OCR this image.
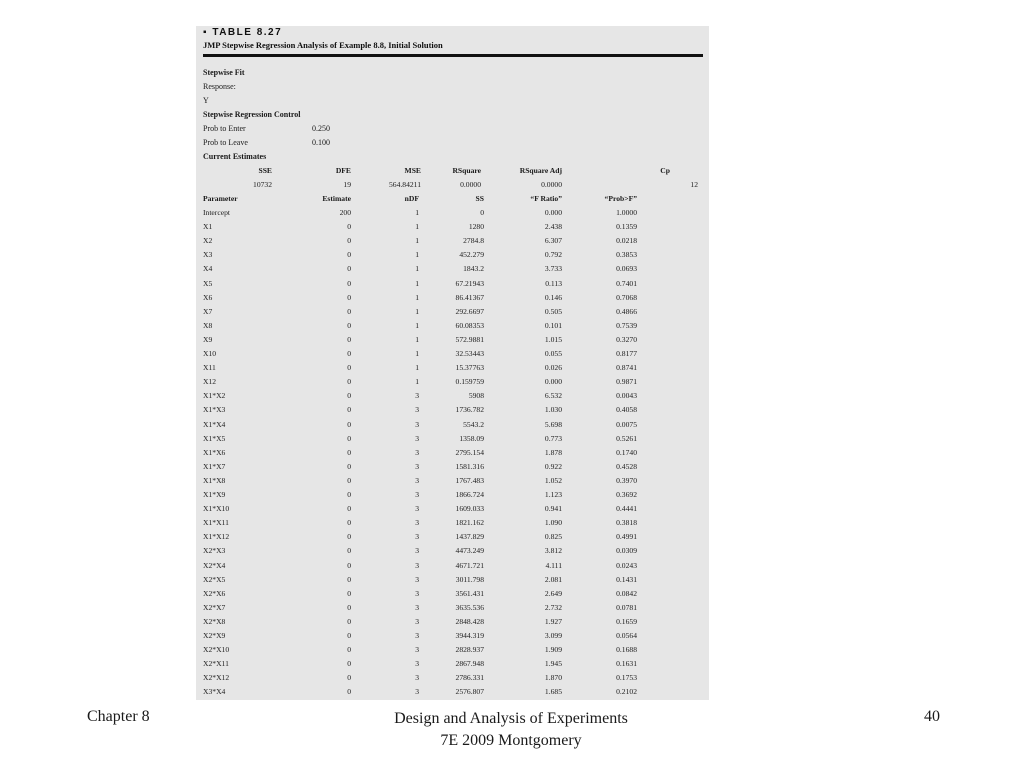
▪ TABLE 8.27
JMP Stepwise Regression Analysis of Example 8.8, Initial Solution
Stepwise Fit
Response:
Y
Stepwise Regression Control
Prob to Enter	0.250
Prob to Leave	0.100
Current Estimates
SSE	DFE	MSE	RSquare	RSquare Adj	Cp
10732	19	564.84211	0.0000	0.0000	12
Parameter	Estimate	nDF	SS	“F Ratio”	“Prob>F”
Intercept	200	1	0	0.000	1.0000
X1	0	1	1280	2.438	0.1359
X2	0	1	2784.8	6.307	0.0218
X3	0	1	452.279	0.792	0.3853
X4	0	1	1843.2	3.733	0.0693
X5	0	1	67.21943	0.113	0.7401
X6	0	1	86.41367	0.146	0.7068
X7	0	1	292.6697	0.505	0.4866
X8	0	1	60.08353	0.101	0.7539
X9	0	1	572.9881	1.015	0.3270
X10	0	1	32.53443	0.055	0.8177
X11	0	1	15.37763	0.026	0.8741
X12	0	1	0.159759	0.000	0.9871
X1*X2	0	3	5908	6.532	0.0043
X1*X3	0	3	1736.782	1.030	0.4058
X1*X4	0	3	5543.2	5.698	0.0075
X1*X5	0	3	1358.09	0.773	0.5261
X1*X6	0	3	2795.154	1.878	0.1740
X1*X7	0	3	1581.316	0.922	0.4528
X1*X8	0	3	1767.483	1.052	0.3970
X1*X9	0	3	1866.724	1.123	0.3692
X1*X10	0	3	1609.033	0.941	0.4441
X1*X11	0	3	1821.162	1.090	0.3818
X1*X12	0	3	1437.829	0.825	0.4991
X2*X3	0	3	4473.249	3.812	0.0309
X2*X4	0	3	4671.721	4.111	0.0243
X2*X5	0	3	3011.798	2.081	0.1431
X2*X6	0	3	3561.431	2.649	0.0842
X2*X7	0	3	3635.536	2.732	0.0781
X2*X8	0	3	2848.428	1.927	0.1659
X2*X9	0	3	3944.319	3.099	0.0564
X2*X10	0	3	2828.937	1.909	0.1688
X2*X11	0	3	2867.948	1.945	0.1631
X2*X12	0	3	2786.331	1.870	0.1753
X3*X4	0	3	2576.807	1.685	0.2102
Chapter 8	Design and Analysis of Experiments
7E 2009 Montgomery
40
